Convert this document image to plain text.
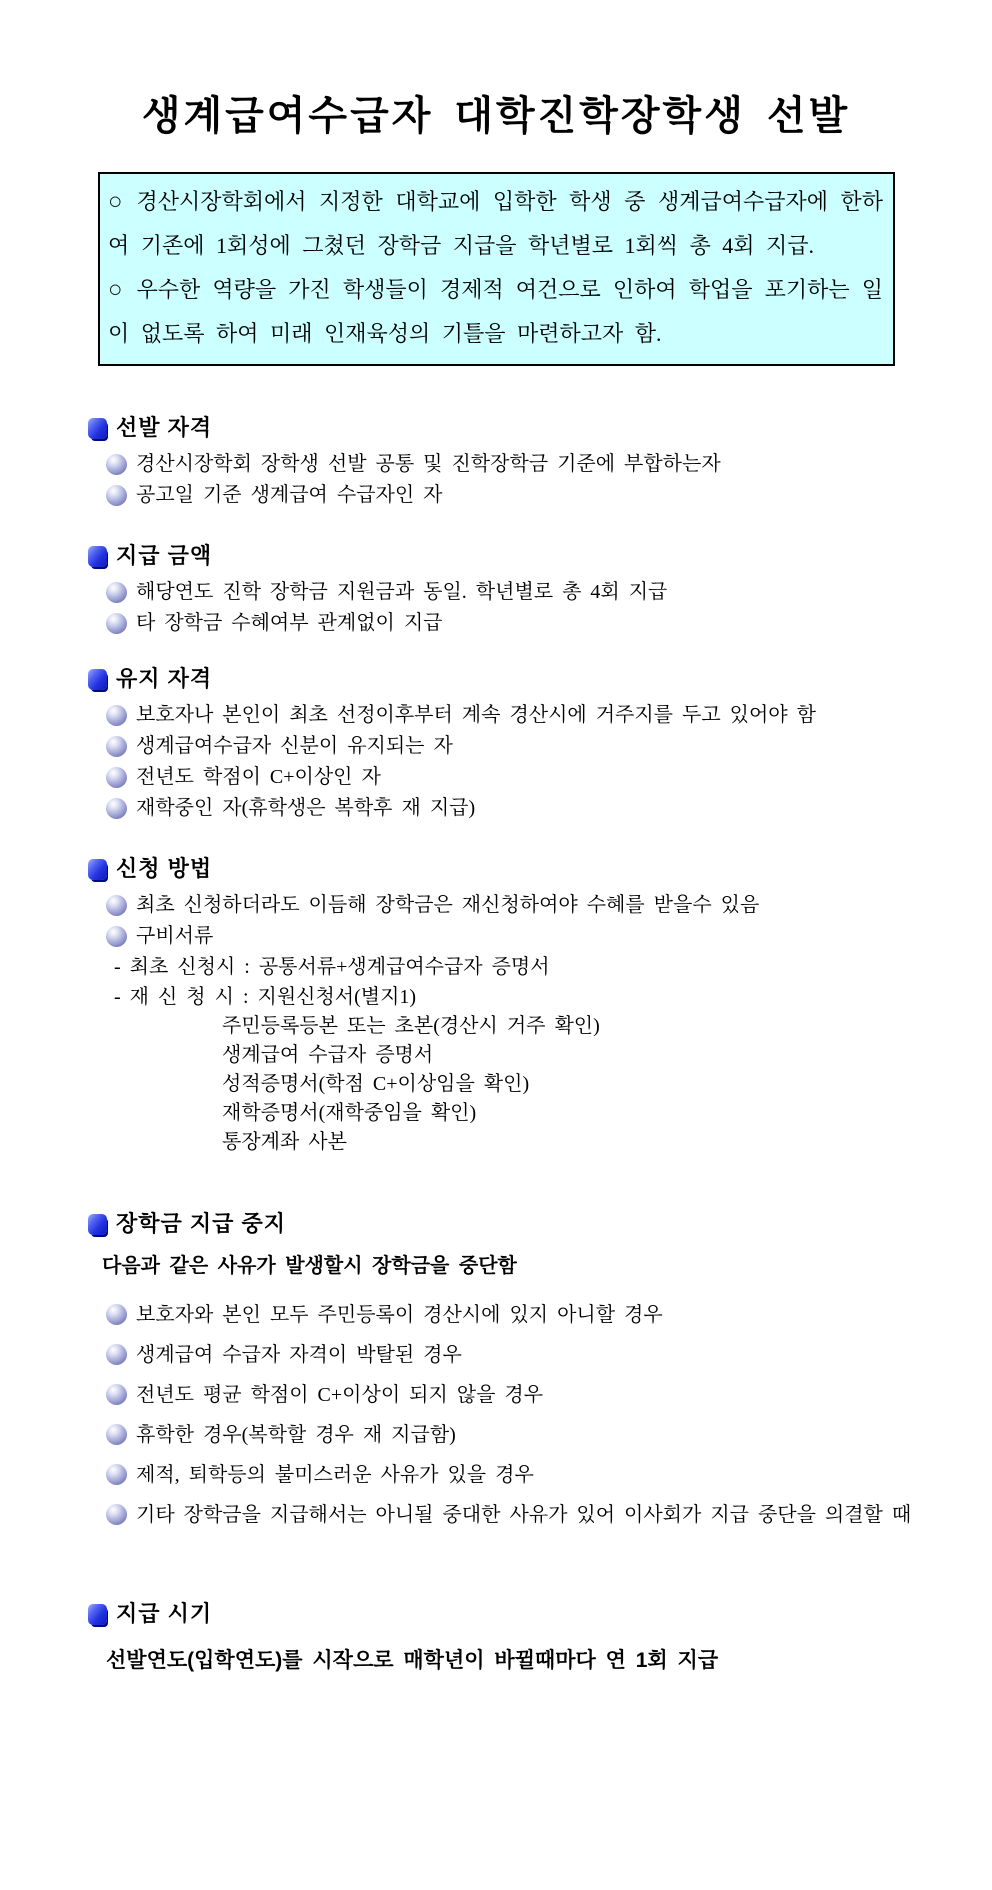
생계급여수급자 대학진학장학생 선발

○ 경산시장학회에서 지정한 대학교에 입학한 학생 중 생계급여수급자에 한하여 기존에 1회성에 그쳤던 장학금 지급을 학년별로 1회씩 총 4회 지급.

○ 우수한 역량을 가진 학생들이 경제적 여건으로 인하여 학업을 포기하는 일이 없도록 하여 미래 인재육성의 기틀을 마련하고자 함.

선발 자격
경산시장학회 장학생 선발 공통 및 진학장학금 기준에 부합하는자
공고일 기준 생계급여 수급자인 자
지급 금액
해당연도 진학 장학금 지원금과 동일. 학년별로 총 4회 지급
타 장학금 수혜여부 관계없이 지급
유지 자격
보호자나 본인이 최초 선정이후부터 계속 경산시에 거주지를 두고 있어야 함
생계급여수급자 신분이 유지되는 자
전년도 학점이 C+이상인 자
재학중인 자(휴학생은 복학후 재 지급)
신청 방법
최초 신청하더라도 이듬해 장학금은 재신청하여야 수혜를 받을수 있음
구비서류
- 최초 신청시 : 공통서류+생계급여수급자 증명서
- 재 신 청 시 : 지원신청서(별지1)
주민등록등본 또는 초본(경산시 거주 확인)
생계급여 수급자 증명서
성적증명서(학점 C+이상임을 확인)
재학증명서(재학중임을 확인)
통장계좌 사본
장학금 지급 중지
다음과 같은 사유가 발생할시 장학금을 중단함
보호자와 본인 모두 주민등록이 경산시에 있지 아니할 경우
생계급여 수급자 자격이 박탈된 경우
전년도 평균 학점이 C+이상이 되지 않을 경우
휴학한 경우(복학할 경우 재 지급함)
제적, 퇴학등의 불미스러운 사유가 있을 경우
기타 장학금을 지급해서는 아니될 중대한 사유가 있어 이사회가 지급 중단을 의결할 때
지급 시기
선발연도(입학연도)를 시작으로 매학년이 바뀔때마다 연 1회 지급
